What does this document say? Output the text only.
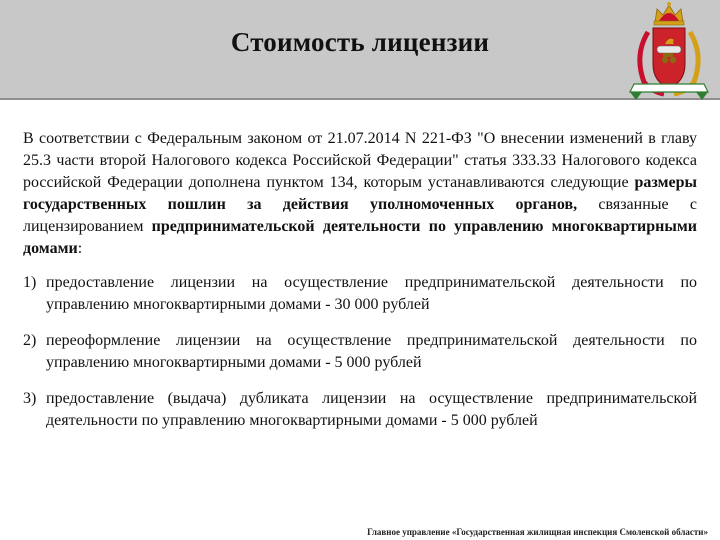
Стоимость лицензии

В соответствии с Федеральным законом от 21.07.2014 N 221-ФЗ "О внесении изменений в главу 25.3 части второй Налогового кодекса Российской Федерации" статья 333.33 Налогового кодекса российской Федерации дополнена пунктом 134, которым устанавливаются следующие размеры государственных пошлин за действия уполномоченных органов, связанные с лицензированием предпринимательской деятельности по управлению многоквартирными домами:

1) предоставление лицензии на осуществление предпринимательской деятельности по управлению многоквартирными домами - 30 000 рублей
2) переоформление лицензии на осуществление предпринимательской деятельности по управлению многоквартирными домами - 5 000 рублей
3) предоставление (выдача) дубликата лицензии на осуществление предпринимательской деятельности по управлению многоквартирными домами - 5 000 рублей
Главное управление «Государственная жилищная инспекция Смоленской области»
